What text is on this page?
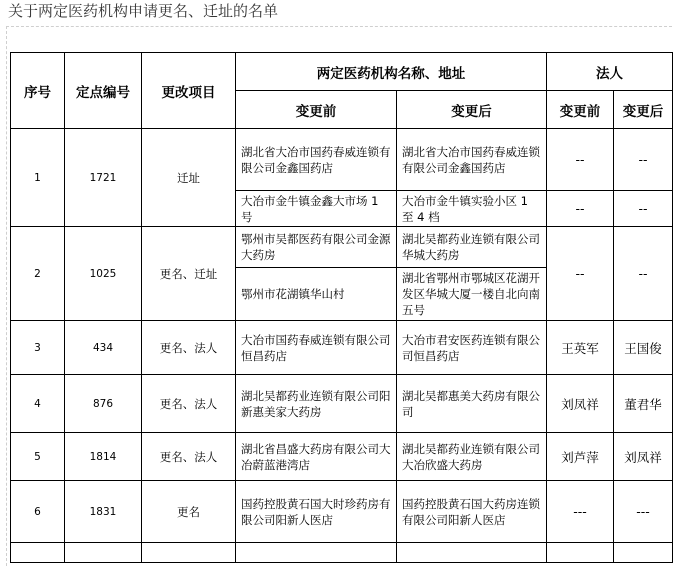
关于两定医药机构申请更名、迁址的名单
序号	定点编号	更改项目	两定医药机构名称、地址		法人	
			变更前	变更后	变更前	变更后
1	1721	迁址	湖北省大冶市国药春威连锁有限公司金鑫国药店	湖北省大冶市国药春威连锁有限公司金鑫国药店	--	--
			大冶市金牛镇金鑫大市场 1 号	大冶市金牛镇实验小区 1 至 4 档	--	--
2	1025	更名、迁址	鄂州市吴都医药有限公司金源大药房	湖北吴都药业连锁有限公司华城大药房	--	--
			鄂州市花湖镇华山村	湖北省鄂州市鄂城区花湖开发区华城大厦一楼自北向南五号		
3	434	更名、法人	大冶市国药春威连锁有限公司恒昌药店	大冶市君安医药连锁有限公司恒昌药店	王英军	王国俊
4	876	更名、法人	湖北吴都药业连锁有限公司阳新惠美家大药房	湖北吴都惠美大药房有限公司	刘凤祥	董君华
5	1814	更名、法人	湖北省昌盛大药房有限公司大冶蔚蓝港湾店	湖北吴都药业连锁有限公司大冶欣盛大药房	刘芦萍	刘凤祥
6	1831	更名	国药控股黄石国大时珍药房有限公司阳新人医店	国药控股黄石国大药房连锁有限公司阳新人医店	---	---
